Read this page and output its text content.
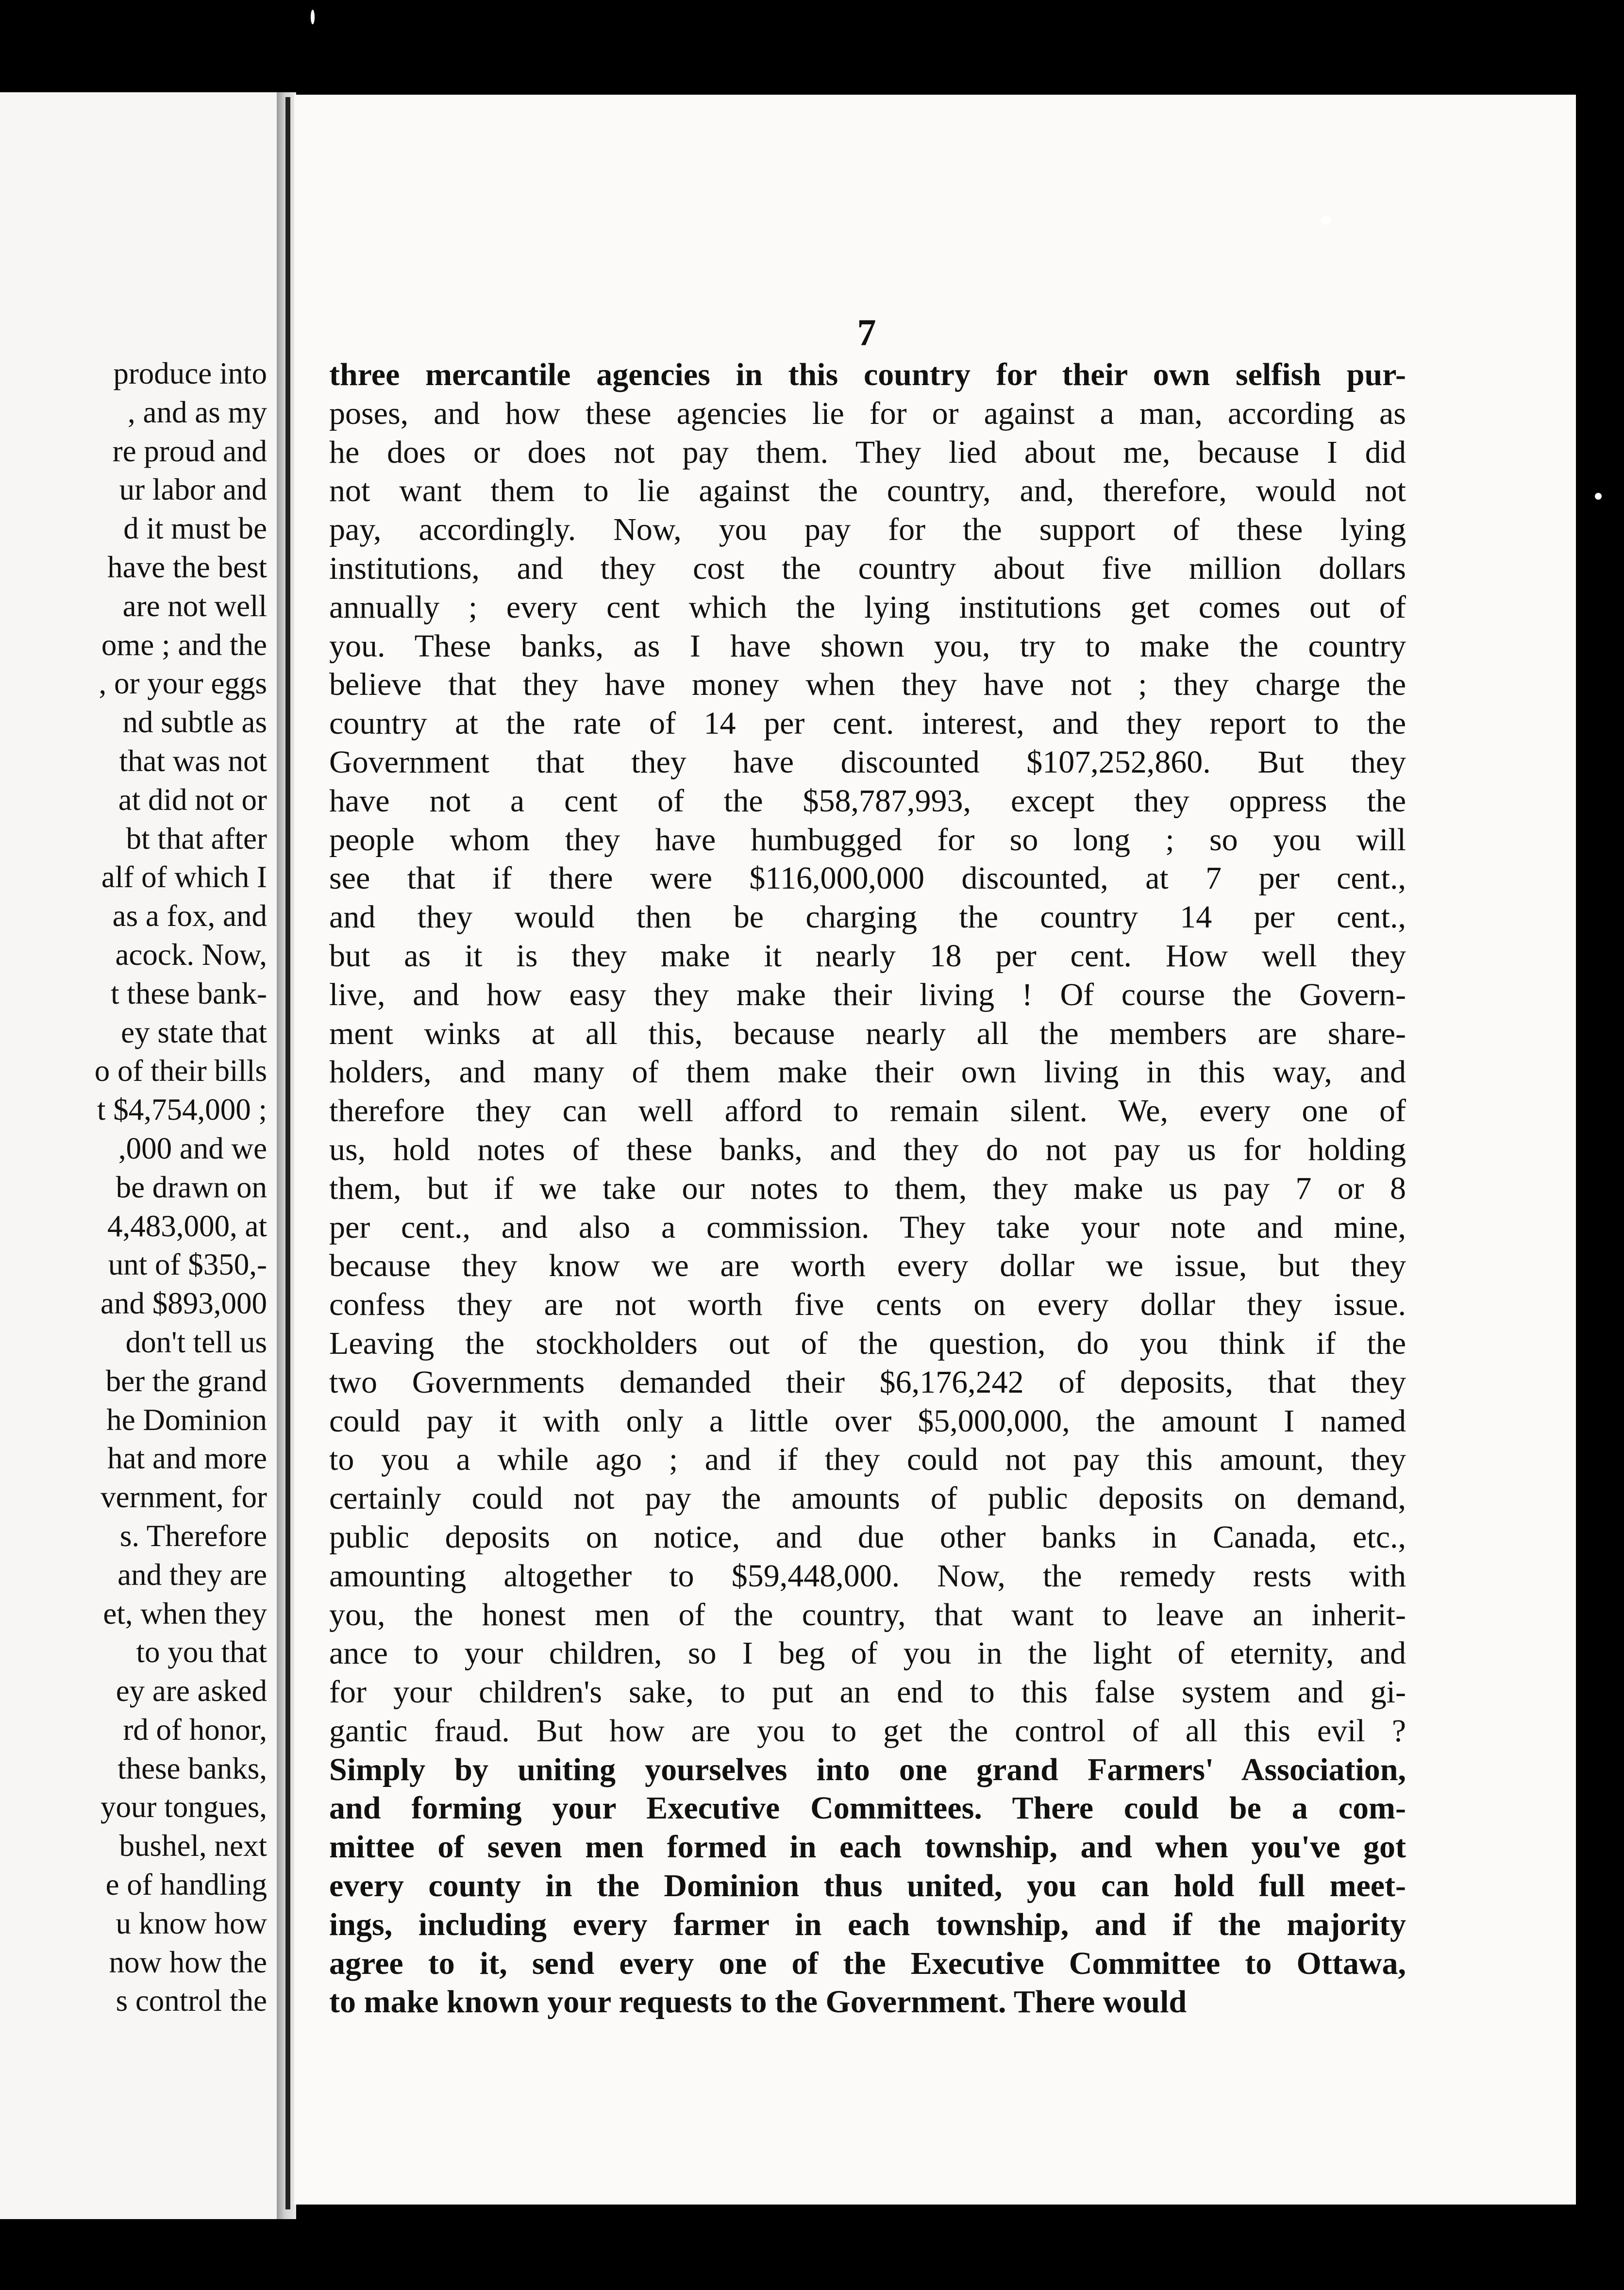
produce into
, and as my
re proud and
ur labor and
d it must be
have the best
are not well
ome ; and the
, or your eggs
nd subtle as
that was not
at did not or
bt that after
alf of which I
as a fox, and
acock. Now,
t these bank-
ey state that
o of their bills
t $4,754,000 ;
,000 and we
be drawn on
4,483,000, at
unt of $350,-
and $893,000
don't tell us
ber the grand
he Dominion
hat and more
vernment, for
s. Therefore
and they are
et, when they
to you that
ey are asked
rd of honor,
these banks,
your tongues,
bushel, next
e of handling
u know how
now how the
s control the
7
three mercantile agencies in this country for their own selfish pur-
poses, and how these agencies lie for or against a man, according as
he does or does not pay them. They lied about me, because I did
not want them to lie against the country, and, therefore, would not
pay, accordingly. Now, you pay for the support of these lying
institutions, and they cost the country about five million dollars
annually ; every cent which the lying institutions get comes out of
you. These banks, as I have shown you, try to make the country
believe that they have money when they have not ; they charge the
country at the rate of 14 per cent. interest, and they report to the
Government that they have discounted $107,252,860. But they
have not a cent of the $58,787,993, except they oppress the
people whom they have humbugged for so long ; so you will
see that if there were $116,000,000 discounted, at 7 per cent.,
and they would then be charging the country 14 per cent.,
but as it is they make it nearly 18 per cent. How well they
live, and how easy they make their living ! Of course the Govern-
ment winks at all this, because nearly all the members are share-
holders, and many of them make their own living in this way, and
therefore they can well afford to remain silent. We, every one of
us, hold notes of these banks, and they do not pay us for holding
them, but if we take our notes to them, they make us pay 7 or 8
per cent., and also a commission. They take your note and mine,
because they know we are worth every dollar we issue, but they
confess they are not worth five cents on every dollar they issue.
Leaving the stockholders out of the question, do you think if the
two Governments demanded their $6,176,242 of deposits, that they
could pay it with only a little over $5,000,000, the amount I named
to you a while ago ; and if they could not pay this amount, they
certainly could not pay the amounts of public deposits on demand,
public deposits on notice, and due other banks in Canada, etc.,
amounting altogether to $59,448,000. Now, the remedy rests with
you, the honest men of the country, that want to leave an inherit-
ance to your children, so I beg of you in the light of eternity, and
for your children's sake, to put an end to this false system and gi-
gantic fraud. But how are you to get the control of all this evil ?
Simply by uniting yourselves into one grand Farmers' Association,
and forming your Executive Committees. There could be a com-
mittee of seven men formed in each township, and when you've got
every county in the Dominion thus united, you can hold full meet-
ings, including every farmer in each township, and if the majority
agree to it, send every one of the Executive Committee to Ottawa,
to make known your requests to the Government. There would
